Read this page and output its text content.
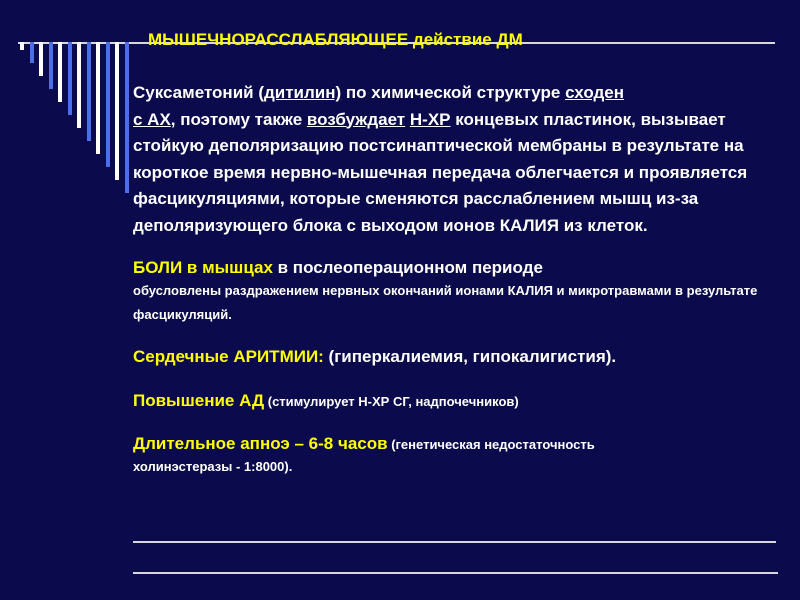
МЫШЕЧНОРАССЛАБЛЯЮЩЕЕ действие ДМ
Суксаметоний (дитилин) по химической структуре сходен
с АХ, поэтому также возбуждает Н-ХР концевых пластинок, вызывает стойкую деполяризацию постсинаптической мембраны в результате на короткое время нервно-мышечная передача облегчается и проявляется фасцикуляциями, которые сменяются расслаблением мышц из-за деполяризующего блока с выходом ионов КАЛИЯ из клеток.
БОЛИ в мышцах в послеоперационном периоде
обусловлены раздражением нервных окончаний ионами КАЛИЯ и микротравмами в результате фасцикуляций.
Сердечные АРИТМИИ: (гиперкалиемия, гипокалигистия).
Повышение АД (стимулирует Н-ХР СГ, надпочечников)
Длительное апноэ – 6-8 часов (генетическая недостаточность
холинэстеразы - 1:8000).
